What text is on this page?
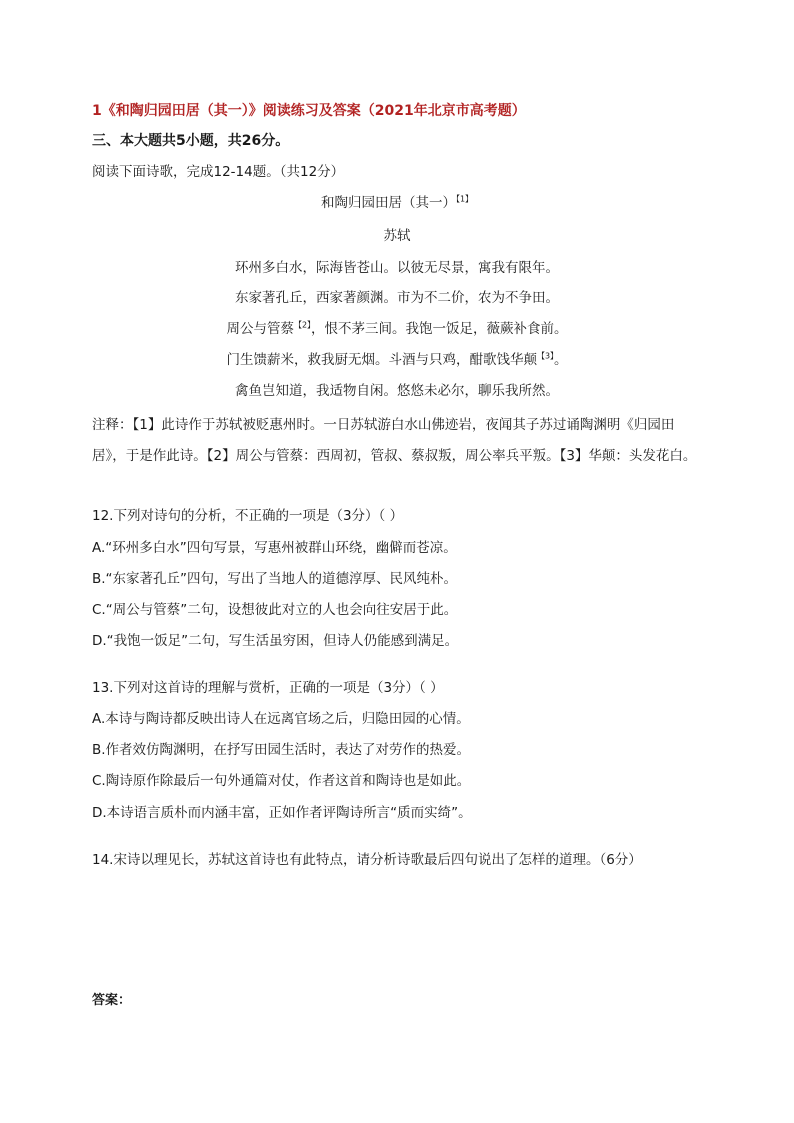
1《和陶归园田居（其一）》阅读练习及答案（2021年北京市高考题）
三、本大题共5小题，共26分。
阅读下面诗歌，完成12-14题。（共12分）
和陶归园田居（其一）$^{【1】}$
苏轼
环州多白水，际海皆苍山。以彼无尽景，寓我有限年。
东家著孔丘，西家著颜渊。市为不二价，农为不争田。
周公与管蔡$^{【2】}$，恨不茅三间。我饱一饭足，薇蕨补食前。
门生馈薪米，救我厨无烟。斗酒与只鸡，酣歌饯华颠$^{【3】}$。
禽鱼岂知道，我适物自闲。悠悠未必尔，聊乐我所然。
注释：【1】此诗作于苏轼被贬惠州时。一日苏轼游白水山佛迹岩，夜闻其子苏过诵陶渊明《归园田居》，于是作此诗。【2】周公与管蔡：西周初，管叔、蔡叔叛，周公率兵平叛。【3】华颠：头发花白。
12.下列对诗句的分析，不正确的一项是（3分）（ ）
A.“环州多白水”四句写景，写惠州被群山环绕，幽僻而苍凉。
B.“东家著孔丘”四句，写出了当地人的道德淳厚、民风纯朴。
C.“周公与管蔡”二句，设想彼此对立的人也会向往安居于此。
D.“我饱一饭足”二句，写生活虽穷困，但诗人仍能感到满足。
13.下列对这首诗的理解与赏析，正确的一项是（3分）（ ）
A.本诗与陶诗都反映出诗人在远离官场之后，归隐田园的心情。
B.作者效仿陶渊明，在抒写田园生活时，表达了对劳作的热爱。
C.陶诗原作除最后一句外通篇对仗，作者这首和陶诗也是如此。
D.本诗语言质朴而内涵丰富，正如作者评陶诗所言“质而实绮”。
14.宋诗以理见长，苏轼这首诗也有此特点，请分析诗歌最后四句说出了怎样的道理。（6分）
答案：
